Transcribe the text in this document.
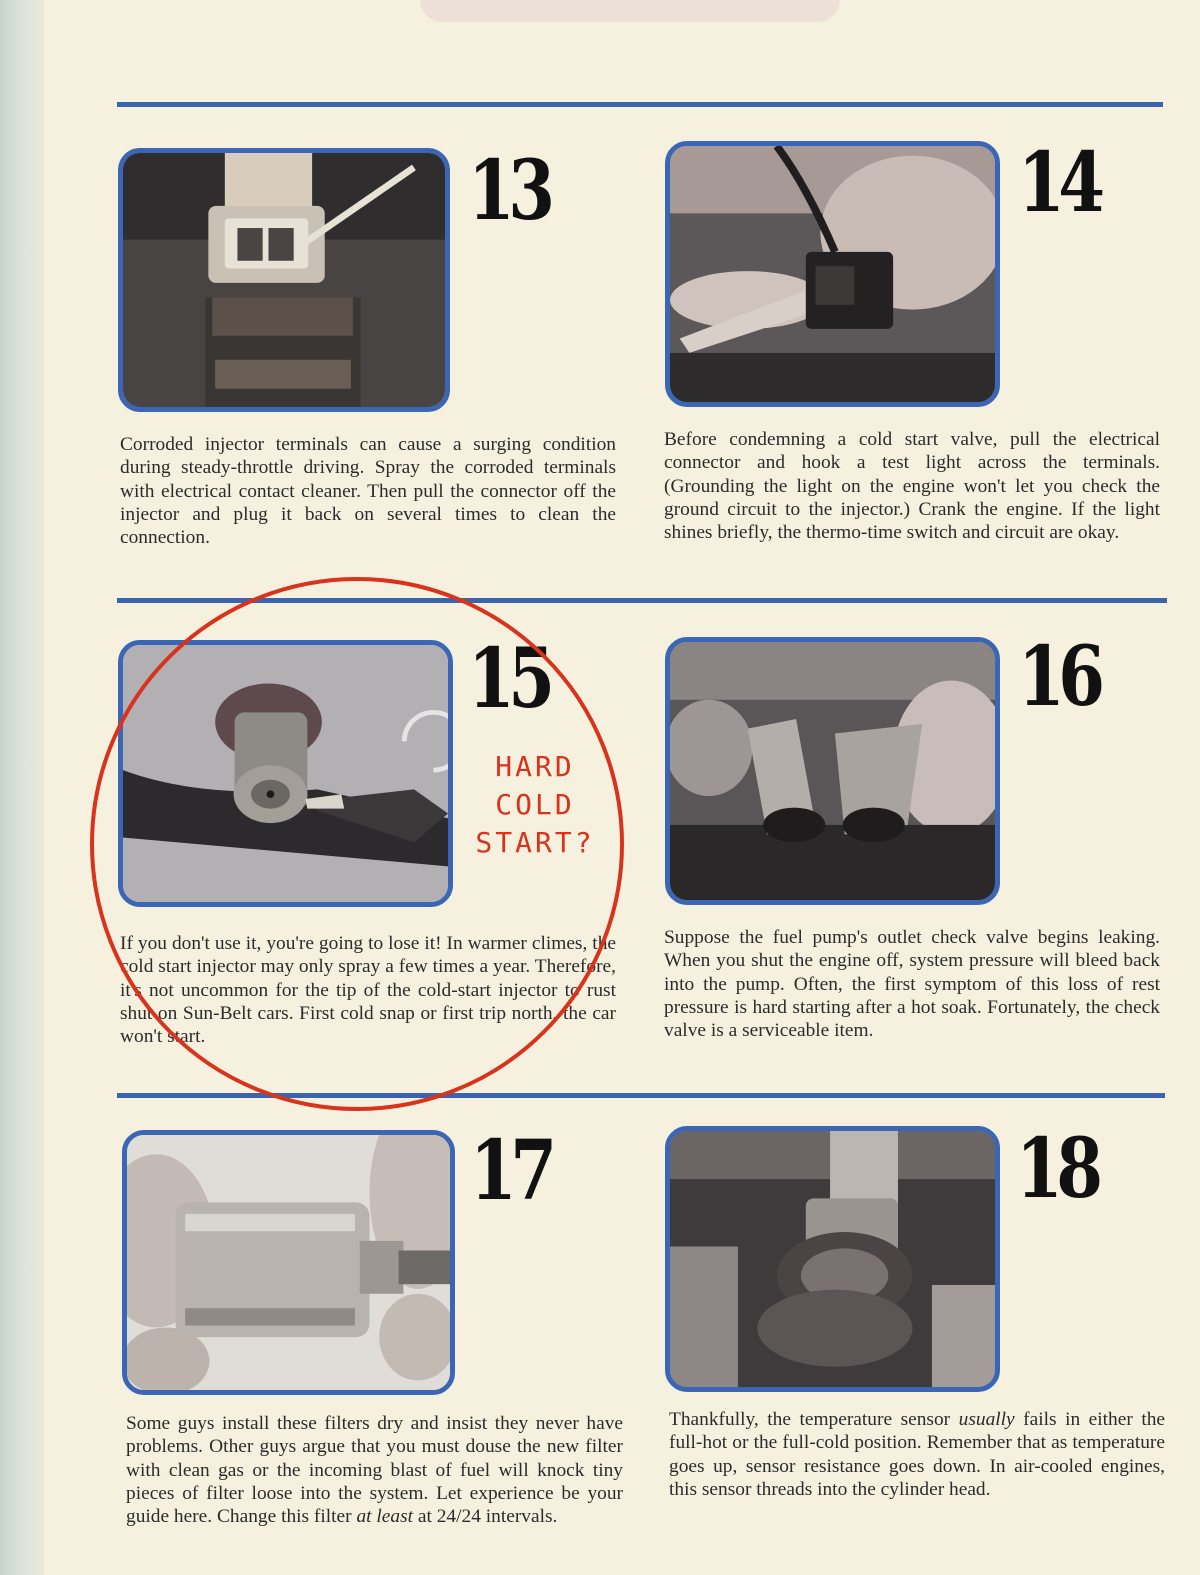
13
Corroded injector terminals can cause a surging condition during steady-throttle driving. Spray the corroded terminals with electrical contact cleaner. Then pull the connector off the injector and plug it back on several times to clean the connection.
14
Before condemning a cold start valve, pull the electrical connector and hook a test light across the terminals. (Grounding the light on the engine won't let you check the ground circuit to the injector.) Crank the engine. If the light shines briefly, the thermo-time switch and circuit are okay.
15
If you don't use it, you're going to lose it! In warmer climes, the cold start injector may only spray a few times a year. Therefore, it's not uncommon for the tip of the cold-start injector to rust shut on Sun-Belt cars. First cold snap or first trip north, the car won't start.
16
Suppose the fuel pump's outlet check valve begins leaking. When you shut the engine off, system pressure will bleed back into the pump. Often, the first symptom of this loss of rest pressure is hard starting after a hot soak. Fortunately, the check valve is a serviceable item.
17
Some guys install these filters dry and insist they never have problems. Other guys argue that you must douse the new filter with clean gas or the incoming blast of fuel will knock tiny pieces of filter loose into the system. Let experience be your guide here. Change this filter at least at 24/24 intervals.
18
Thankfully, the temperature sensor usually fails in either the full-hot or the full-cold position. Remember that as temperature goes up, sensor resistance goes down. In air-cooled engines, this sensor threads into the cylinder head.
HARD
COLD
START?
